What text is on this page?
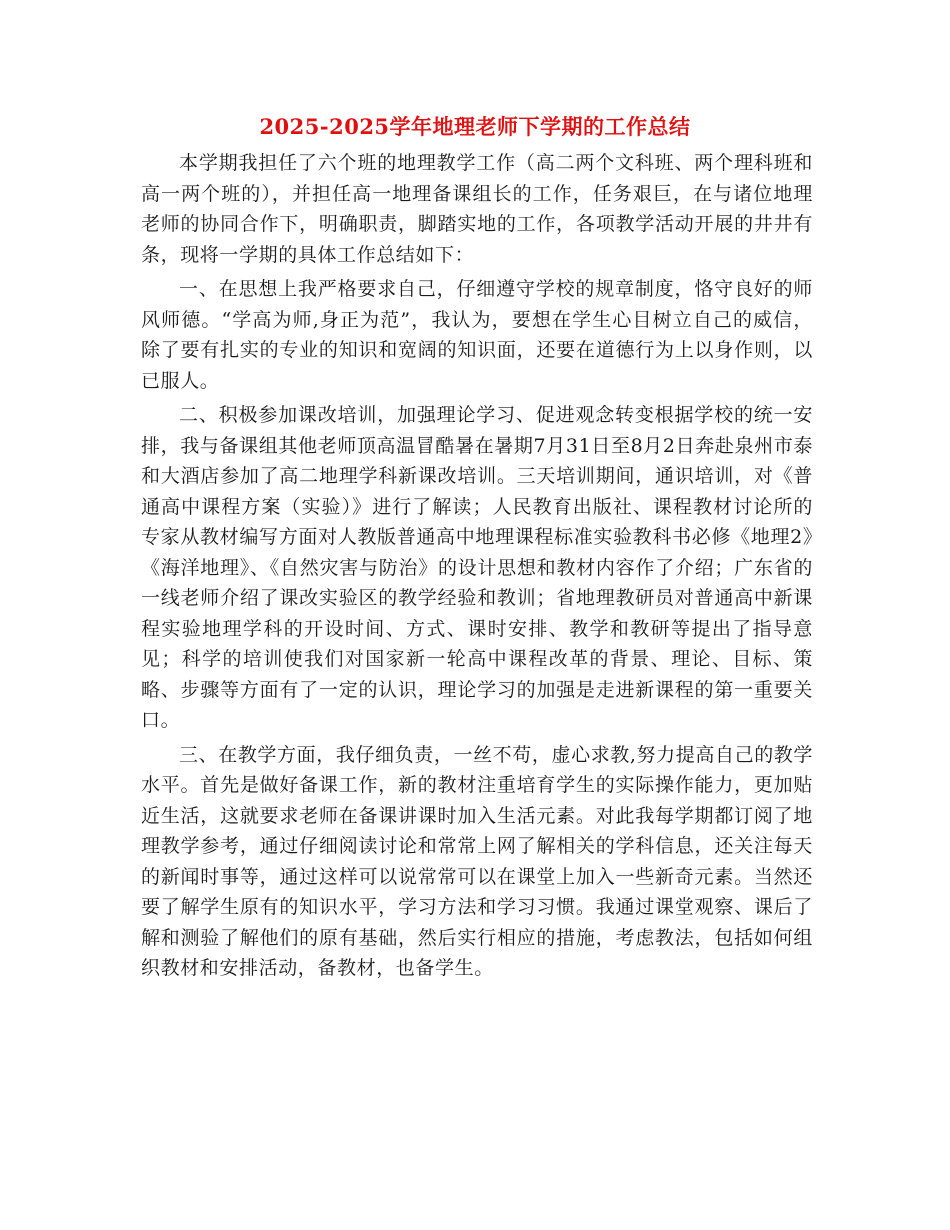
2025-2025学年地理老师下学期的工作总结

本学期我担任了六个班的地理教学工作（高二两个文科班、两个理科班和高一两个班的），并担任高一地理备课组长的工作，任务艰巨，在与诸位地理老师的协同合作下，明确职责，脚踏实地的工作，各项教学活动开展的井井有条，现将一学期的具体工作总结如下：

一、在思想上我严格要求自己，仔细遵守学校的规章制度，恪守良好的师风师德。“学高为师,身正为范”，我认为，要想在学生心目树立自己的威信，除了要有扎实的专业的知识和宽阔的知识面，还要在道德行为上以身作则，以已服人。

二、积极参加课改培训，加强理论学习、促进观念转变根据学校的统一安排，我与备课组其他老师顶高温冒酷暑在暑期7月31日至8月2日奔赴泉州市泰和大酒店参加了高二地理学科新课改培训。三天培训期间，通识培训，对《普通高中课程方案（实验）》进行了解读；人民教育出版社、课程教材讨论所的专家从教材编写方面对人教版普通高中地理课程标准实验教科书必修《地理2》《海洋地理》、《自然灾害与防治》的设计思想和教材内容作了介绍；广东省的一线老师介绍了课改实验区的教学经验和教训；省地理教研员对普通高中新课程实验地理学科的开设时间、方式、课时安排、教学和教研等提出了指导意见；科学的培训使我们对国家新一轮高中课程改革的背景、理论、目标、策略、步骤等方面有了一定的认识，理论学习的加强是走进新课程的第一重要关口。

三、在教学方面，我仔细负责，一丝不苟，虚心求教,努力提高自己的教学水平。首先是做好备课工作，新的教材注重培育学生的实际操作能力，更加贴近生活，这就要求老师在备课讲课时加入生活元素。对此我每学期都订阅了地理教学参考，通过仔细阅读讨论和常常上网了解相关的学科信息，还关注每天的新闻时事等，通过这样可以说常常可以在课堂上加入一些新奇元素。当然还要了解学生原有的知识水平，学习方法和学习习惯。我通过课堂观察、课后了解和测验了解他们的原有基础，然后实行相应的措施，考虑教法，包括如何组织教材和安排活动，备教材，也备学生。
